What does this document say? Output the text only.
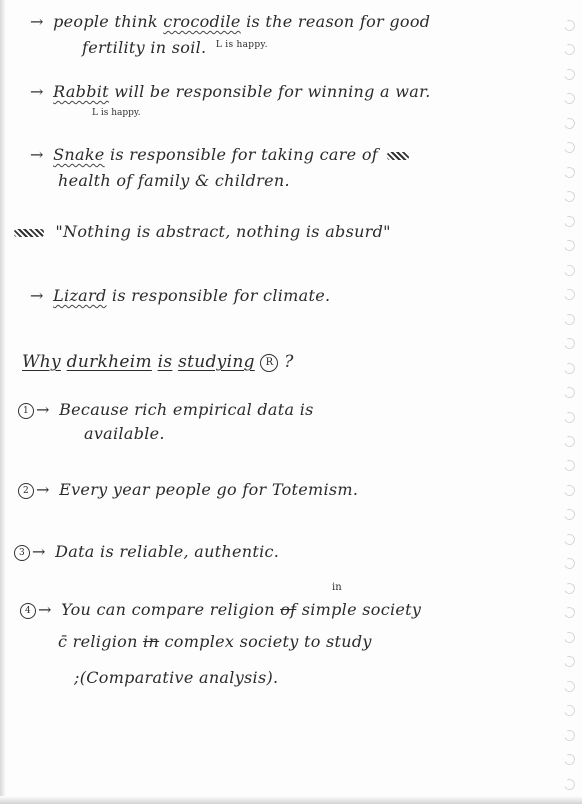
→ people think crocodile is the reason for good
fertility in soil. $^{L is happy.}$
→ Rabbit will be responsible for winning a war.
L is happy.
→ Snake is responsible for taking care of
health of family & children.
"Nothing is abstract, nothing is absurd"
→ Lizard is responsible for climate.
Why durkheim is studying R ?
1 → Because rich empirical data is
available.
2 → Every year people go for Totemism.
3 → Data is reliable, authentic.
in
4 → You can compare religion of simple society
c̄ religion in complex society to study
;(Comparative analysis).
